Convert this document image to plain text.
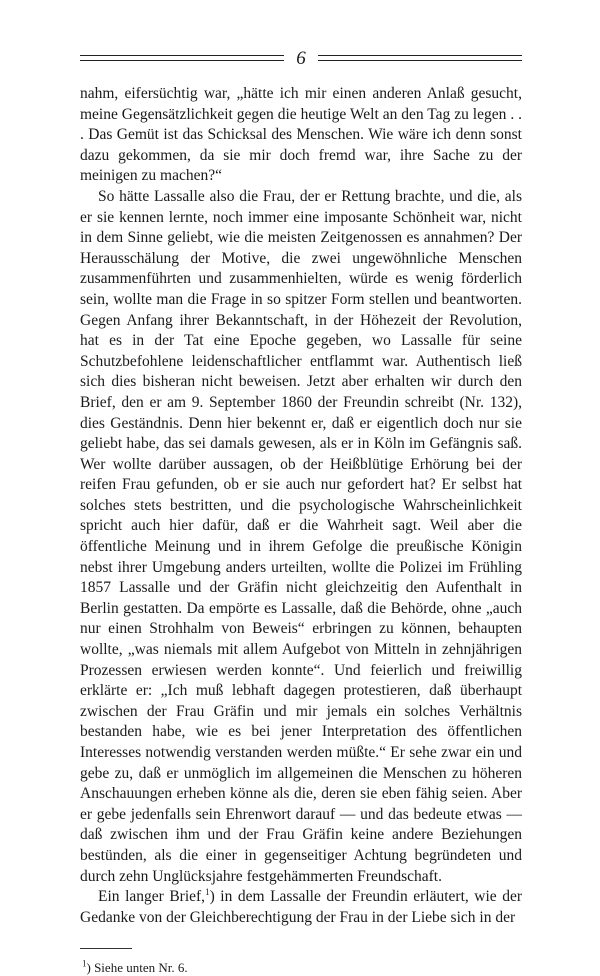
6

nahm, eifersüchtig war, „hätte ich mir einen anderen Anlaß gesucht, meine Gegensätzlichkeit gegen die heutige Welt an den Tag zu legen . . . Das Gemüt ist das Schicksal des Menschen. Wie wäre ich denn sonst dazu gekommen, da sie mir doch fremd war, ihre Sache zu der meinigen zu machen?“

So hätte Lassalle also die Frau, der er Rettung brachte, und die, als er sie kennen lernte, noch immer eine imposante Schönheit war, nicht in dem Sinne geliebt, wie die meisten Zeitgenossen es annahmen? Der Herausschälung der Motive, die zwei ungewöhnliche Menschen zusammenführten und zusammenhielten, würde es wenig förderlich sein, wollte man die Frage in so spitzer Form stellen und beantworten. Gegen Anfang ihrer Bekanntschaft, in der Höhezeit der Revolution, hat es in der Tat eine Epoche gegeben, wo Lassalle für seine Schutzbefohlene leidenschaftlicher entflammt war. Authentisch ließ sich dies bisheran nicht beweisen. Jetzt aber erhalten wir durch den Brief, den er am 9. September 1860 der Freundin schreibt (Nr. 132), dies Geständnis. Denn hier bekennt er, daß er eigentlich doch nur sie geliebt habe, das sei damals gewesen, als er in Köln im Gefängnis saß. Wer wollte darüber aussagen, ob der Heißblütige Erhörung bei der reifen Frau gefunden, ob er sie auch nur gefordert hat? Er selbst hat solches stets bestritten, und die psychologische Wahrscheinlichkeit spricht auch hier dafür, daß er die Wahrheit sagt. Weil aber die öffentliche Meinung und in ihrem Gefolge die preußische Königin nebst ihrer Umgebung anders urteilten, wollte die Polizei im Frühling 1857 Lassalle und der Gräfin nicht gleichzeitig den Aufenthalt in Berlin gestatten. Da empörte es Lassalle, daß die Behörde, ohne „auch nur einen Strohhalm von Beweis“ erbringen zu können, behaupten wollte, „was niemals mit allem Aufgebot von Mitteln in zehnjährigen Prozessen erwiesen werden konnte“. Und feierlich und freiwillig erklärte er: „Ich muß lebhaft dagegen protestieren, daß überhaupt zwischen der Frau Gräfin und mir jemals ein solches Verhältnis bestanden habe, wie es bei jener Interpretation des öffentlichen Interesses notwendig verstanden werden müßte.“ Er sehe zwar ein und gebe zu, daß er unmöglich im allgemeinen die Menschen zu höheren Anschauungen erheben könne als die, deren sie eben fähig seien. Aber er gebe jedenfalls sein Ehrenwort darauf — und das bedeute etwas — daß zwischen ihm und der Frau Gräfin keine andere Beziehungen bestünden, als die einer in gegenseitiger Achtung begründeten und durch zehn Unglücksjahre festgehämmerten Freundschaft.

Ein langer Brief,$^1$) in dem Lassalle der Freundin erläutert, wie der Gedanke von der Gleichberechtigung der Frau in der Liebe sich in der

$^1$) Siehe unten Nr. 6.
